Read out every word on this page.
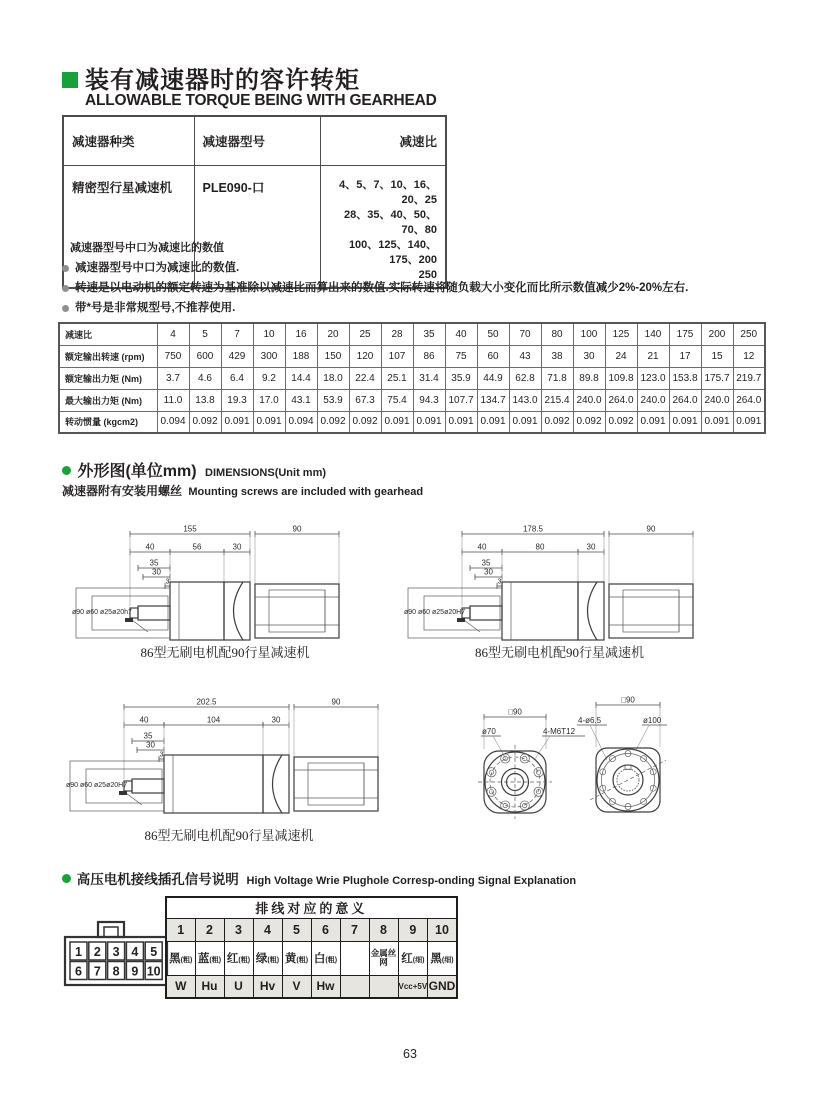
装有减速器时的容许转矩
ALLOWABLE TORQUE BEING WITH GEARHEAD
减速器种类	减速器型号	减速比
精密型行星减速机	PLE090-口	4、5、7、10、16、20、25
28、35、40、50、70、80
100、125、140、175、200
250
减速器型号中口为减速比的数值
减速器型号中口为减速比的数值.
转速是以电动机的额定转速为基准除以减速比而算出来的数值.实际转速将随负载大小变化而比所示数值减少2%-20%左右.
带*号是非常规型号,不推荐使用.
减速比	4	5	7	10	16	20	25	28	35	40	50	70	80	100	125	140	175	200	250
额定输出转速 (rpm)	750	600	429	300	188	150	120	107	86	75	60	43	38	30	24	21	17	15	12
额定输出力矩 (Nm)	3.7	4.6	6.4	9.2	14.4	18.0	22.4	25.1	31.4	35.9	44.9	62.8	71.8	89.8	109.8	123.0	153.8	175.7	219.7
最大输出力矩 (Nm)	11.0	13.8	19.3	17.0	43.1	53.9	67.3	75.4	94.3	107.7	134.7	143.0	215.4	240.0	264.0	240.0	264.0	240.0	264.0
转动惯量 (kgcm2)	0.094	0.092	0.091	0.091	0.094	0.092	0.092	0.091	0.091	0.091	0.091	0.091	0.092	0.092	0.092	0.091	0.091	0.091	0.091
外形图(单位mm) DIMENSIONS(Unit mm)
减速器附有安装用螺丝 Mounting screws are included with gearhead
155	90
40	56	30
35
30
3
ø90 ø60 ø25ø20h7
178.5	90
40	80	30
35
30
3
ø90 ø60 ø25ø20H7
202.5	90
40	104	30
35
30
3
ø90 ø60 ø25ø20H7
□90
ø70	4-M6T12
□90
4-ø6.5	ø100
86型无刷电机配90行星减速机	86型无刷电机配90行星减速机
86型无刷电机配90行星减速机
高压电机接线插孔信号说明 High Voltage Wrie Plughole Corresp-onding Signal Explanation
1 2 3 4 5
6 7 8 9 10
排线对应的意义									
1	2	3	4	5	6	7	8	9	10
黑(粗)	蓝(粗)	红(粗)	绿(粗)	黄(粗)	白(粗)		金属丝网	红(细)	黑(细)
W	Hu	U	Hv	V	Hw			Vcc+5V	GND
63
